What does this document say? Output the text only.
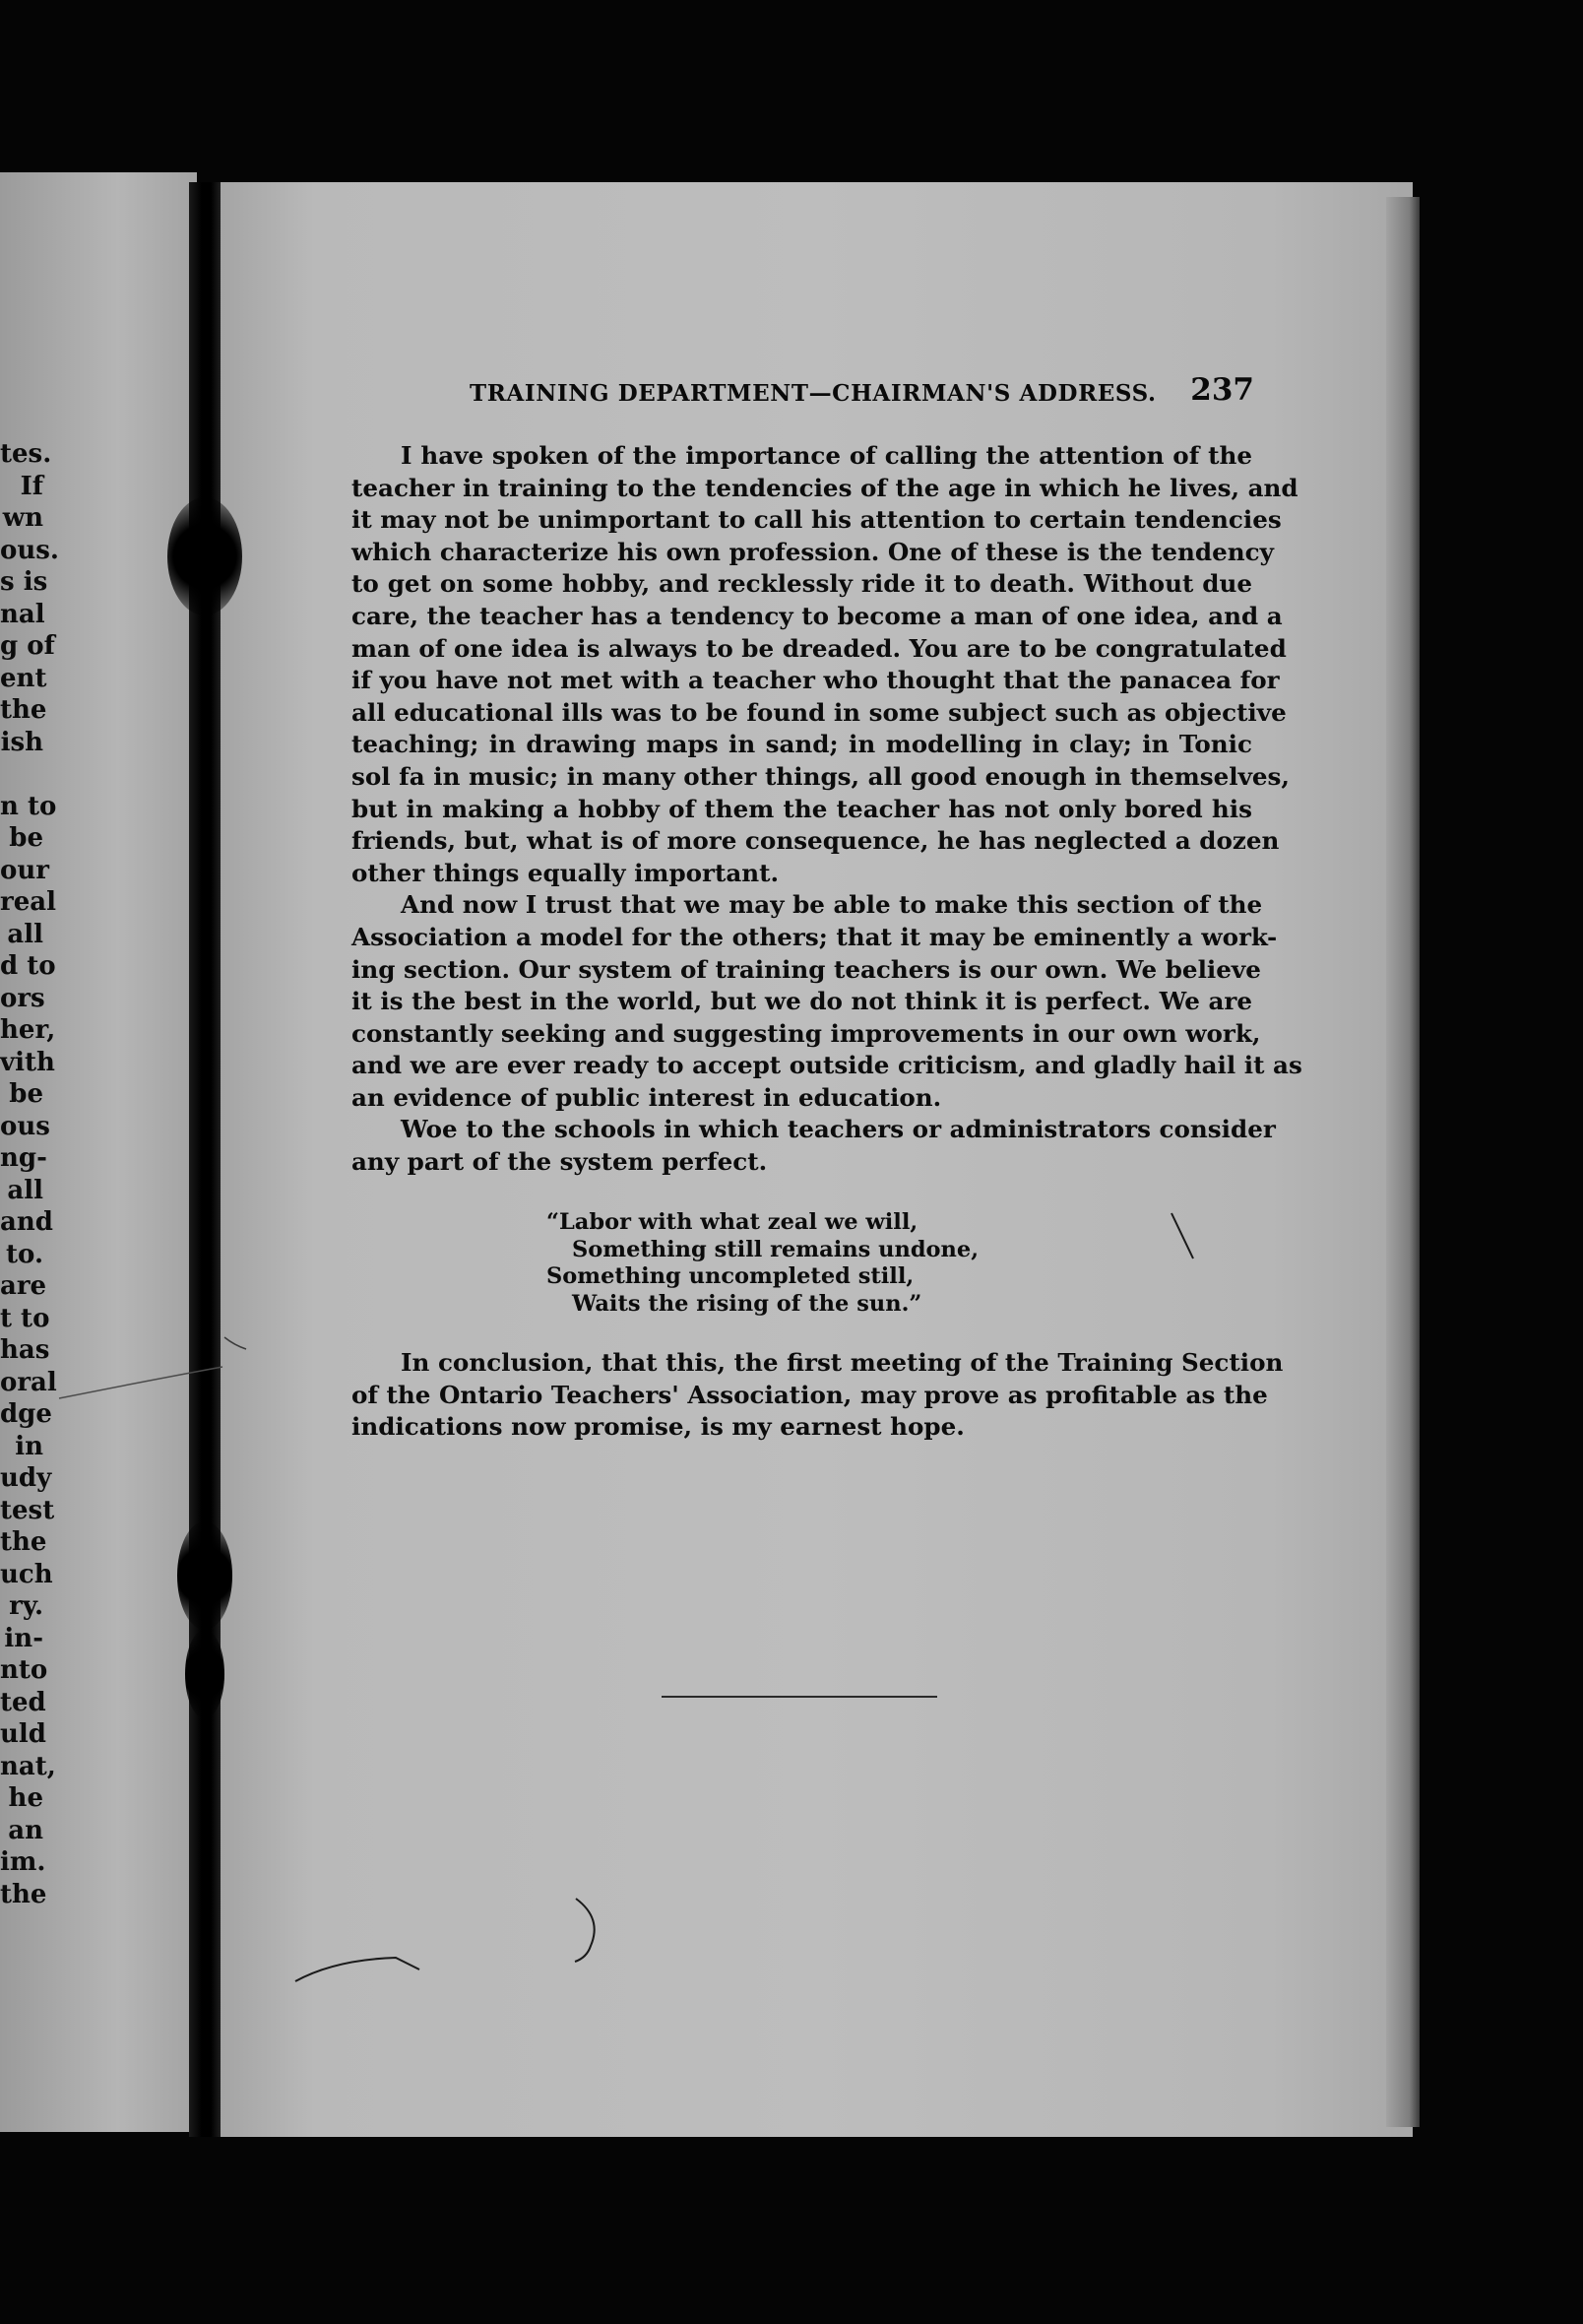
tes.
If
wn
ous.
s is
nal
g of
ent
the
ish
n to
be
our
real
all
d to
ors
her,
vith
be
ous
ng-
all
and
to.
are
t to
has
oral
dge
in
udy
test
the
uch
ry.
in-
nto
ted
uld
nat,
he
an
im.
the
TRAINING DEPARTMENT—CHAIRMAN'S ADDRESS. 237
I have spoken of the importance of calling the attention of the
teacher in training to the tendencies of the age in which he lives, and
it may not be unimportant to call his attention to certain tendencies
which characterize his own profession. One of these is the tendency
to get on some hobby, and recklessly ride it to death. Without due
care, the teacher has a tendency to become a man of one idea, and a
man of one idea is always to be dreaded. You are to be congratulated
if you have not met with a teacher who thought that the panacea for
all educational ills was to be found in some subject such as objective
teaching; in drawing maps in sand; in modelling in clay; in Tonic
sol fa in music; in many other things, all good enough in themselves,
but in making a hobby of them the teacher has not only bored his
friends, but, what is of more consequence, he has neglected a dozen
other things equally important.
And now I trust that we may be able to make this section of the
Association a model for the others; that it may be eminently a work-
ing section. Our system of training teachers is our own. We believe
it is the best in the world, but we do not think it is perfect. We are
constantly seeking and suggesting improvements in our own work,
and we are ever ready to accept outside criticism, and gladly hail it as
an evidence of public interest in education.
Woe to the schools in which teachers or administrators consider
any part of the system perfect.
“Labor with what zeal we will,
Something still remains undone,
Something uncompleted still,
Waits the rising of the sun.”
In conclusion, that this, the first meeting of the Training Section
of the Ontario Teachers' Association, may prove as profitable as the
indications now promise, is my earnest hope.
